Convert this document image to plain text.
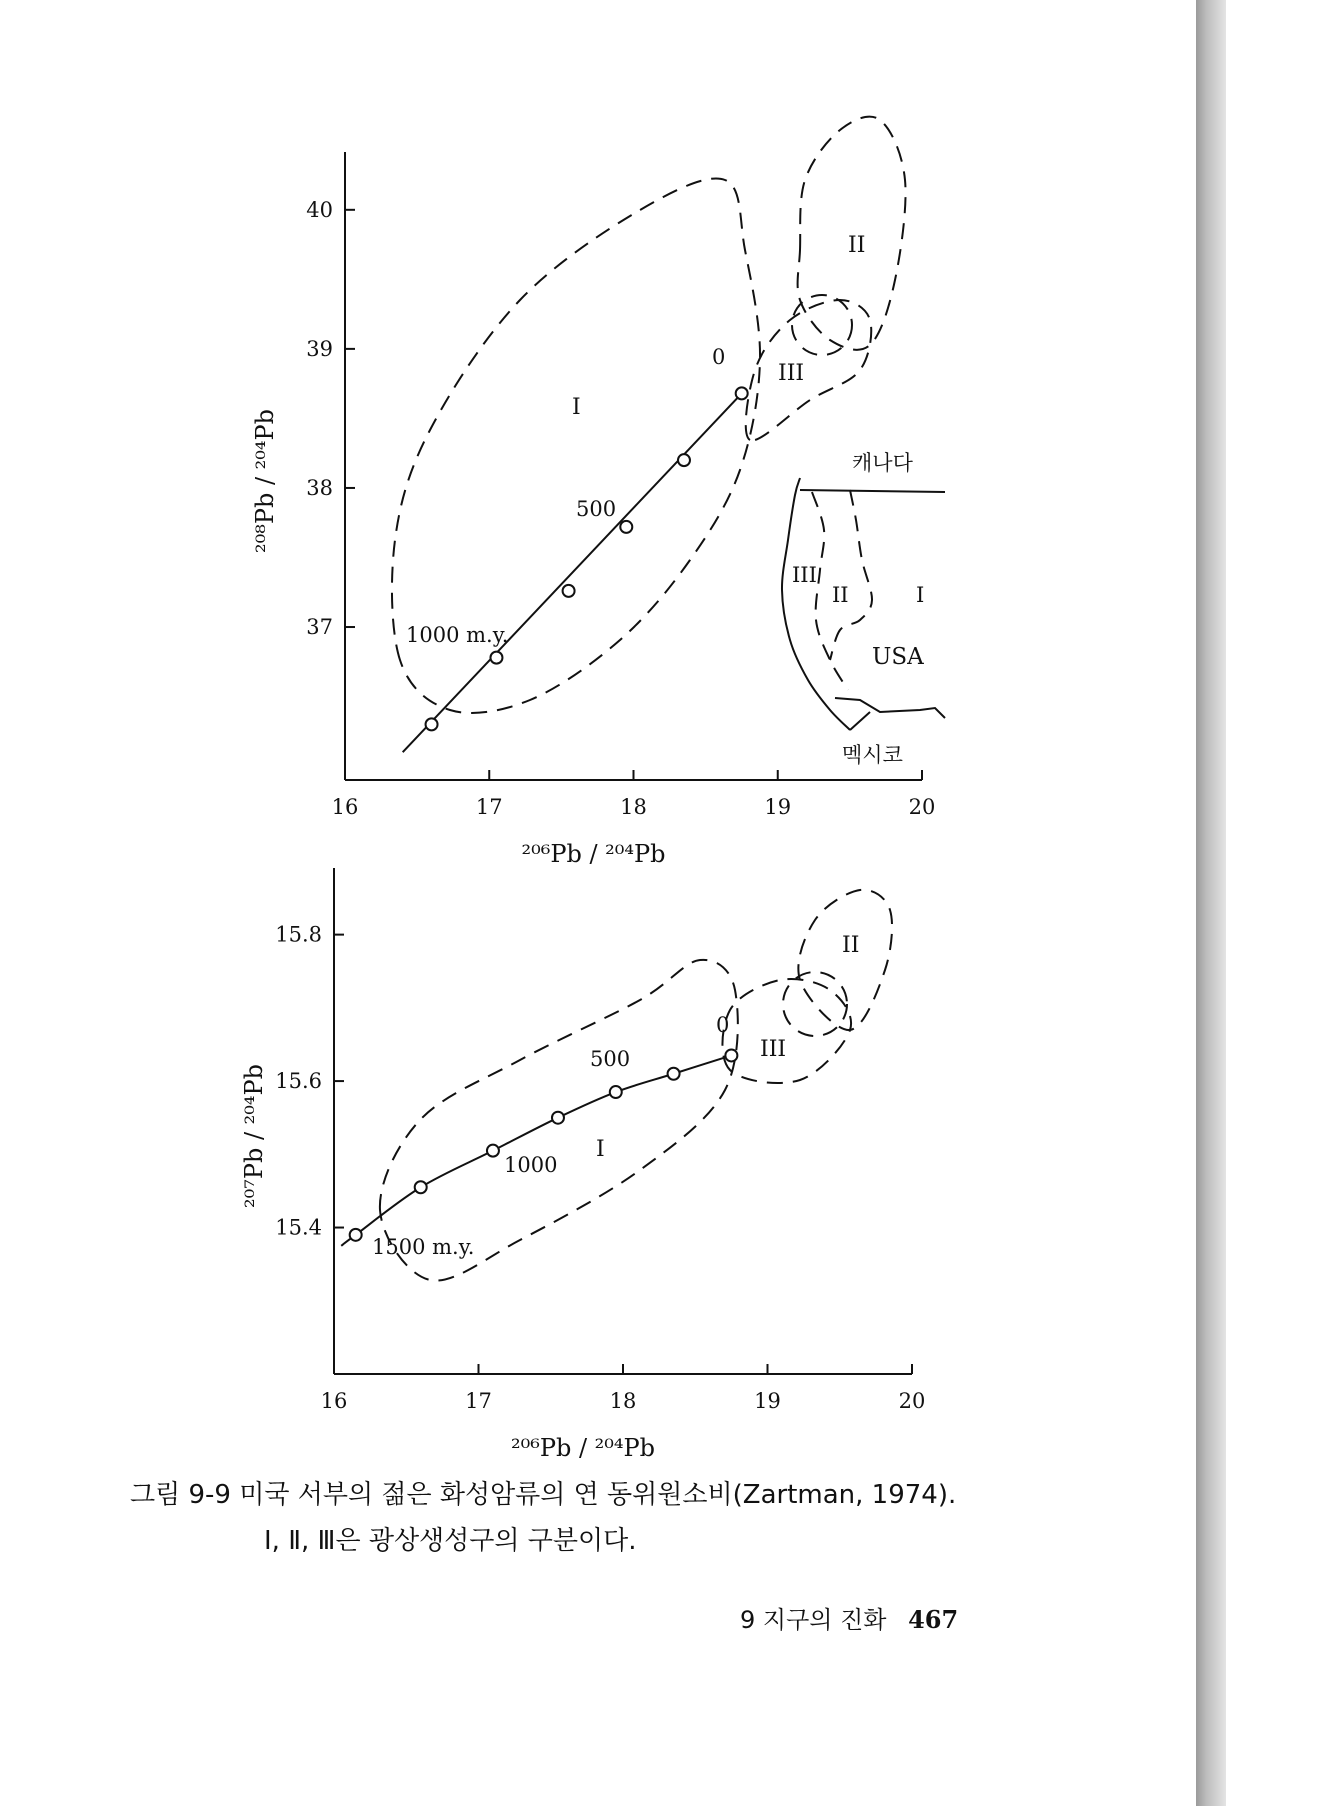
16	17	18	19	20
37
38
39
40
²⁰⁶Pb / ²⁰⁴Pb
²⁰⁸Pb / ²⁰⁴Pb
I
II
III
0
500
1000 m.y.
캐나다
USA
멕시코
III
II	I
16	17	18	19	20
15.4
15.6
15.8
²⁰⁶Pb / ²⁰⁴Pb
²⁰⁷Pb / ²⁰⁴Pb	I
II
III
0
500
1000
1500 m.y.
그림 9-9 미국 서부의 젊은 화성암류의 연 동위원소비(Zartman, 1974).
Ⅰ, Ⅱ, Ⅲ은 광상생성구의 구분이다.
9 지구의 진화 467
